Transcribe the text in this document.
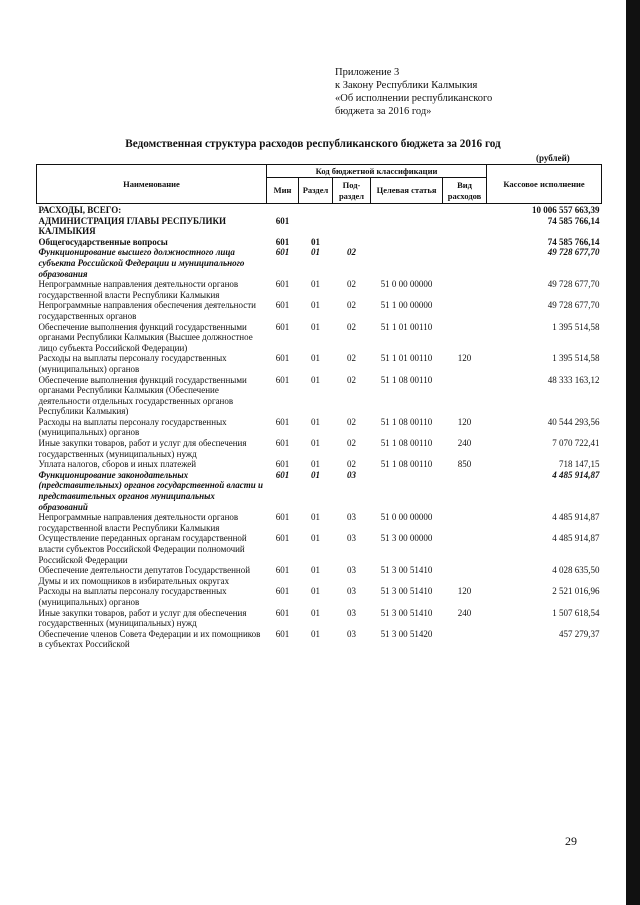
Приложение 3
к Закону Республики Калмыкия
«Об исполнении республиканского
бюджета за 2016 год»
Ведомственная структура расходов республиканского бюджета за 2016 год
(рублей)
Наименование	Код бюджетной классификации					Кассовое исполнение
	Мин	Раздел	Под-раздел	Целевая статья	Вид расходов	
РАСХОДЫ, ВСЕГО:						10 006 557 663,39
АДМИНИСТРАЦИЯ ГЛАВЫ РЕСПУБЛИКИ КАЛМЫКИЯ	601					74 585 766,14
Общегосударственные вопросы	601	01				74 585 766,14
Функционирование высшего должностного лица субъекта Российской Федерации и муниципального образования	601	01	02			49 728 677,70
Непрограммные направления деятельности органов государственной власти Республики Калмыкия	601	01	02	51 0 00 00000		49 728 677,70
Непрограммные направления обеспечения деятельности государственных органов	601	01	02	51 1 00 00000		49 728 677,70
Обеспечение выполнения функций государственными органами Республики Калмыкия (Высшее должностное лицо субъекта Российской Федерации)	601	01	02	51 1 01 00110		1 395 514,58
Расходы на выплаты персоналу государственных (муниципальных) органов	601	01	02	51 1 01 00110	120	1 395 514,58
Обеспечение выполнения функций государственными органами Республики Калмыкия (Обеспечение деятельности отдельных государственных органов Республики Калмыкия)	601	01	02	51 1 08 00110		48 333 163,12
Расходы на выплаты персоналу государственных (муниципальных) органов	601	01	02	51 1 08 00110	120	40 544 293,56
Иные закупки товаров, работ и услуг для обеспечения государственных (муниципальных) нужд	601	01	02	51 1 08 00110	240	7 070 722,41
Уплата налогов, сборов и иных платежей	601	01	02	51 1 08 00110	850	718 147,15
Функционирование законодательных (представительных) органов государственной власти и представительных органов муниципальных образований	601	01	03			4 485 914,87
Непрограммные направления деятельности органов государственной власти Республики Калмыкия	601	01	03	51 0 00 00000		4 485 914,87
Осуществление переданных органам государственной власти субъектов Российской Федерации полномочий Российской Федерации	601	01	03	51 3 00 00000		4 485 914,87
Обеспечение деятельности депутатов Государственной Думы и их помощников в избирательных округах	601	01	03	51 3 00 51410		4 028 635,50
Расходы на выплаты персоналу государственных (муниципальных) органов	601	01	03	51 3 00 51410	120	2 521 016,96
Иные закупки товаров, работ и услуг для обеспечения государственных (муниципальных) нужд	601	01	03	51 3 00 51410	240	1 507 618,54
Обеспечение членов Совета Федерации и их помощников в субъектах Российской	601	01	03	51 3 00 51420		457 279,37
29
